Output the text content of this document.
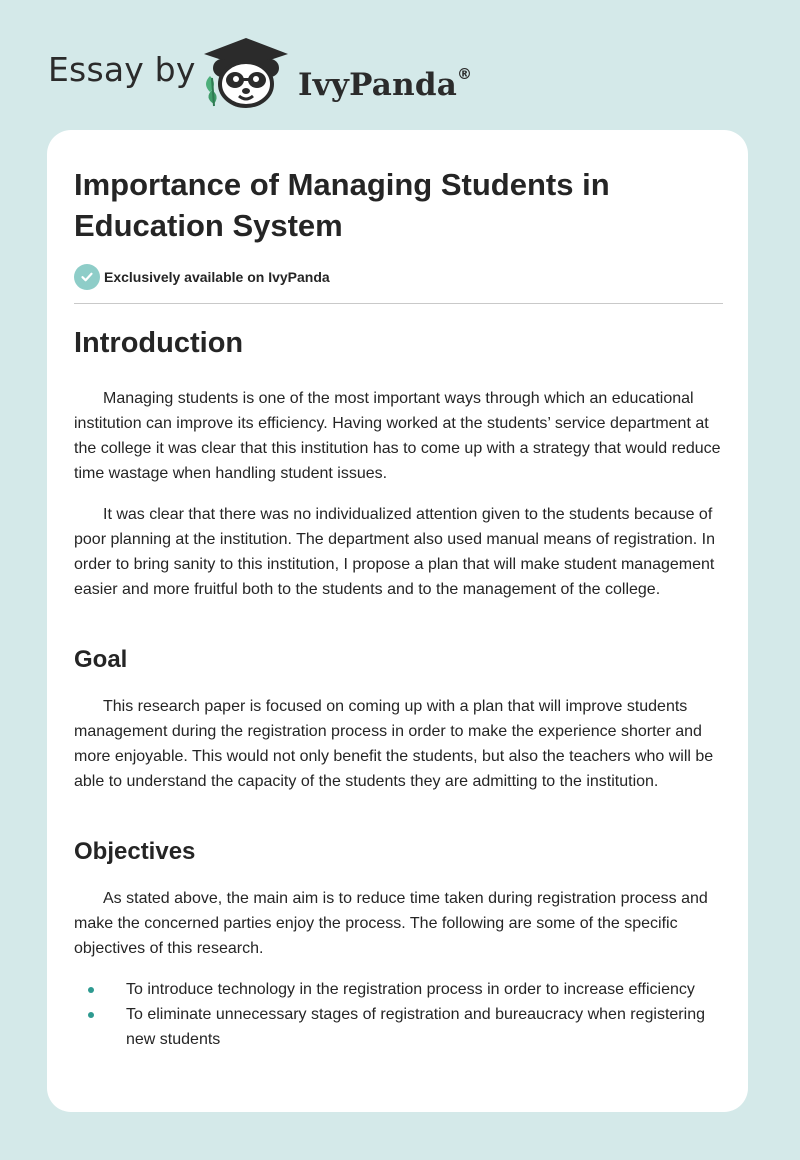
Essay by	IvyPanda®
Importance of Managing Students in Education System
Exclusively available on IvyPanda
Introduction

Managing students is one of the most important ways through which an educational institution can improve its efficiency. Having worked at the students’ service department at the college it was clear that this institution has to come up with a strategy that would reduce time wastage when handling student issues.

It was clear that there was no individualized attention given to the students because of poor planning at the institution. The department also used manual means of registration. In order to bring sanity to this institution, I propose a plan that will make student management easier and more fruitful both to the students and to the management of the college.

Goal

This research paper is focused on coming up with a plan that will improve students management during the registration process in order to make the experience shorter and more enjoyable. This would not only benefit the students, but also the teachers who will be able to understand the capacity of the students they are admitting to the institution.

Objectives

As stated above, the main aim is to reduce time taken during registration process and make the concerned parties enjoy the process. The following are some of the specific objectives of this research.

To introduce technology in the registration process in order to increase efficiency
To eliminate unnecessary stages of registration and bureaucracy when registering new students
